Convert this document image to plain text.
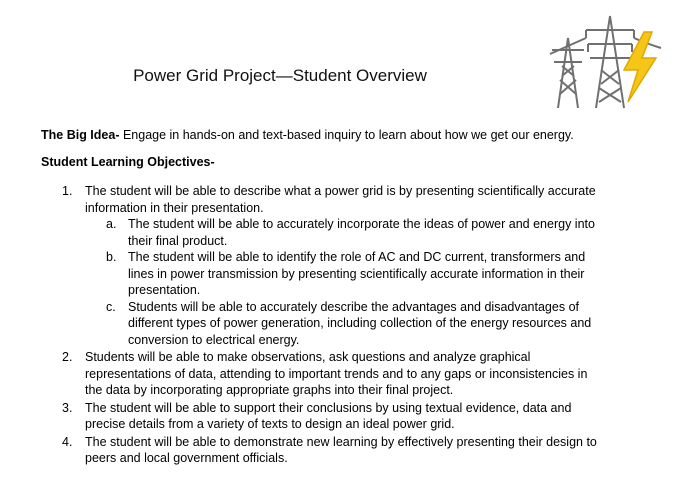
Power Grid Project—Student Overview
The Big Idea- Engage in hands-on and text-based inquiry to learn about how we get our energy.
Student Learning Objectives-
1. The student will be able to describe what a power grid is by presenting scientifically accurate information in their presentation.
a. The student will be able to accurately incorporate the ideas of power and energy into their final product.
b. The student will be able to identify the role of AC and DC current, transformers and lines in power transmission by presenting scientifically accurate information in their presentation.
c. Students will be able to accurately describe the advantages and disadvantages of different types of power generation, including collection of the energy resources and conversion to electrical energy.
2. Students will be able to make observations, ask questions and analyze graphical representations of data, attending to important trends and to any gaps or inconsistencies in the data by incorporating appropriate graphs into their final project.
3. The student will be able to support their conclusions by using textual evidence, data and precise details from a variety of texts to design an ideal power grid.
4. The student will be able to demonstrate new learning by effectively presenting their design to peers and local government officials.
